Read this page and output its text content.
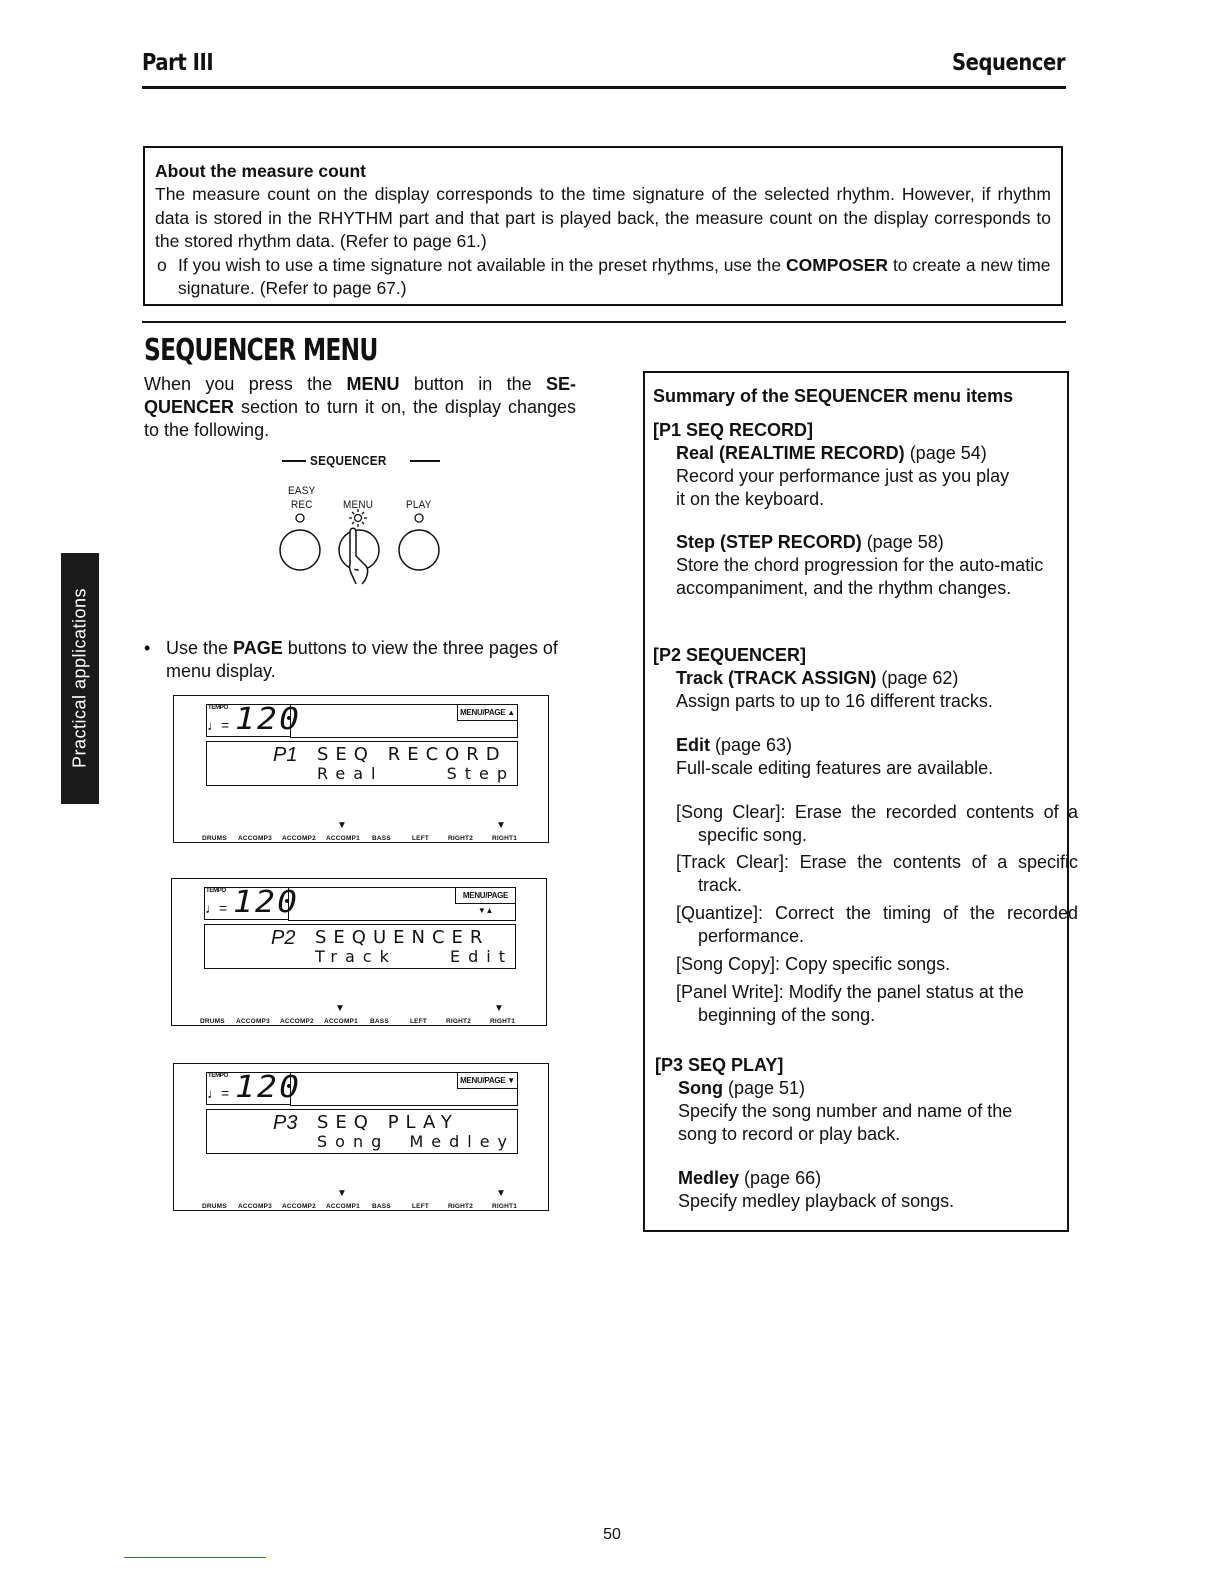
Part III	Sequencer
Practical applications

About the measure count

The measure count on the display corresponds to the time signature of the selected rhythm. However, if rhythm data is stored in the RHYTHM part and that part is played back, the measure count on the display corresponds to the stored rhythm data. (Refer to page 61.)

o If you wish to use a time signature not available in the preset rhythms, use the COMPOSER to create a new time signature. (Refer to page 67.)

SEQUENCER MENU
When you press the MENU button in the SE-QUENCER section to turn it on, the display changes to the following.
SEQUENCER
EASY
REC	MENU	PLAY
• Use the PAGE buttons to view the three pages of menu display.
TEMPO
♩= 120	MENU/PAGE ▲
P1 SEQ RECORD
Real	Step
▼	▼
DRUMS ACCOMP3 ACCOMP2 ACCOMP1 BASS	LEFT	RIGHT2	RIGHT1
TEMPO
♩= 120	MENU/PAGE ▼▲
P2 SEQUENCER
Track	Edit
▼	▼
DRUMS ACCOMP3 ACCOMP2 ACCOMP1 BASS	LEFT	RIGHT2	RIGHT1
TEMPO
♩= 120	MENU/PAGE ▼
P3 SEQ PLAY
Song Medley
▼	▼
DRUMS ACCOMP3 ACCOMP2 ACCOMP1 BASS	LEFT	RIGHT2	RIGHT1
Summary of the SEQUENCER menu items
[P1 SEQ RECORD]
Real (REALTIME RECORD) (page 54)
Record your performance just as you play it on the keyboard.
Step (STEP RECORD) (page 58)
Store the chord progression for the auto-matic accompaniment, and the rhythm changes.
[P2 SEQUENCER]
Track (TRACK ASSIGN) (page 62)
Assign parts to up to 16 different tracks.
Edit (page 63)
Full-scale editing features are available.
[Song Clear]: Erase the recorded contents of a specific song.
[Track Clear]: Erase the contents of a specific track.
[Quantize]: Correct the timing of the recorded performance.
[Song Copy]: Copy specific songs.
[Panel Write]: Modify the panel status at the beginning of the song.
[P3 SEQ PLAY]
Song (page 51)
Specify the song number and name of the song to record or play back.
Medley (page 66)
Specify medley playback of songs.
50
